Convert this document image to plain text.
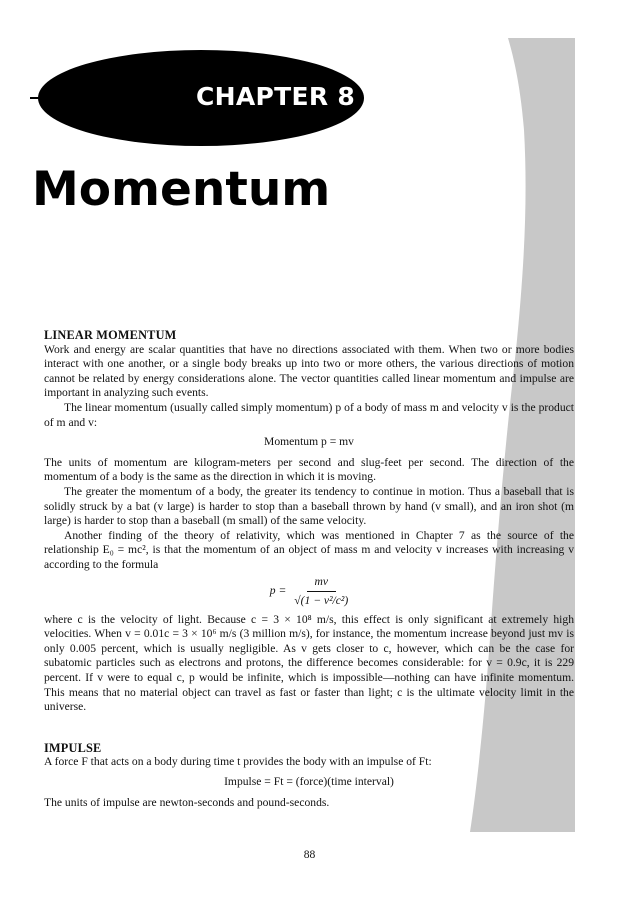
CHAPTER 8
Momentum

LINEAR MOMENTUM

Work and energy are scalar quantities that have no directions associated with them. When two or more bodies interact with one another, or a single body breaks up into two or more others, the various directions of motion cannot be related by energy considerations alone. The vector quantities called linear momentum and impulse are important in analyzing such events.

The linear momentum (usually called simply momentum) p of a body of mass m and velocity v is the product of m and v:

Momentum p = mv

The units of momentum are kilogram-meters per second and slug-feet per second. The direction of the momentum of a body is the same as the direction in which it is moving.

The greater the momentum of a body, the greater its tendency to continue in motion. Thus a baseball that is solidly struck by a bat (v large) is harder to stop than a baseball thrown by hand (v small), and an iron shot (m large) is harder to stop than a baseball (m small) of the same velocity.

Another finding of the theory of relativity, which was mentioned in Chapter 7 as the source of the relationship E₀ = mc², is that the momentum of an object of mass m and velocity v increases with increasing v according to the formula

$p = \frac{mv}{\text{√(1 − v²/c²)}}$

where c is the velocity of light. Because c = 3 × 10⁸ m/s, this effect is only significant at extremely high velocities. When v = 0.01c = 3 × 10⁶ m/s (3 million m/s), for instance, the momentum increase beyond just mv is only 0.005 percent, which is usually negligible. As v gets closer to c, however, which can be the case for subatomic particles such as electrons and protons, the difference becomes considerable: for v = 0.9c, it is 229 percent. If v were to equal c, p would be infinite, which is impossible—nothing can have infinite momentum. This means that no material object can travel as fast or faster than light; c is the ultimate velocity limit in the universe.

IMPULSE

A force F that acts on a body during time t provides the body with an impulse of Ft:

Impulse = Ft = (force)(time interval)

The units of impulse are newton-seconds and pound-seconds.

88
